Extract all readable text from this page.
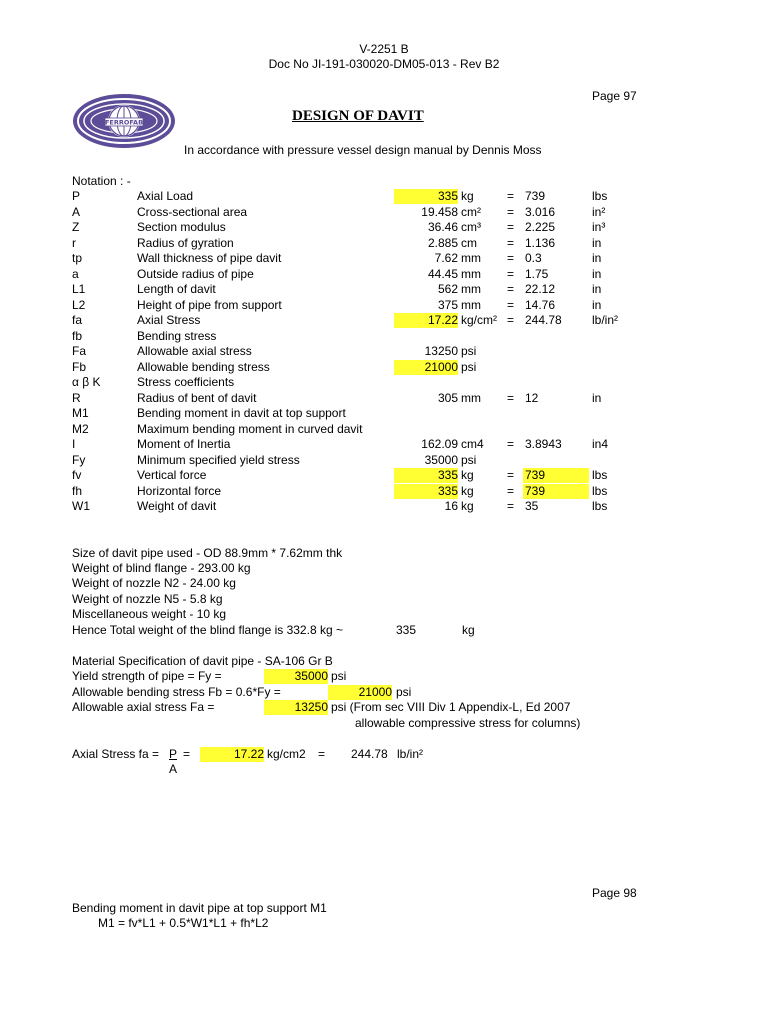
V-2251 B
Doc No JI-191-030020-DM05-013 - Rev B2
Page 97
FERROFAB	DESIGN OF DAVIT
In accordance with pressure vessel design manual by Dennis Moss
Notation : -
P	Axial Load	335 kg	= 739	lbs
A	Cross-sectional area	19.458 cm² = 3.016	in²
Z	Section modulus	36.46 cm³ = 2.225	in³
r	Radius of gyration	2.885 cm	= 1.136	in
tp	Wall thickness of pipe davit	7.62 mm = 0.3	in
a	Outside radius of pipe	44.45 mm = 1.75	in
L1	Length of davit	562 mm = 22.12	in
L2	Height of pipe from support	375 mm = 14.76	in
fa	Axial Stress	17.22 kg/cm² = 244.78	lb/in²
fb	Bending stress
Fa	Allowable axial stress	13250 psi
Fb	Allowable bending stress	21000 psi
α β K	Stress coefficients
R	Radius of bent of davit	305 mm = 12	in
M1	Bending moment in davit at top support
M2	Maximum bending moment in curved davit
I	Moment of Inertia	162.09 cm4 = 3.8943	in4
Fy	Minimum specified yield stress	35000 psi
fv	Vertical force	335 kg	= 739	lbs
fh	Horizontal force	335 kg	= 739	lbs
W1	Weight of davit	16 kg	= 35	lbs
Size of davit pipe used - OD 88.9mm * 7.62mm thk
Weight of blind flange - 293.00 kg
Weight of nozzle N2 - 24.00 kg
Weight of nozzle N5 - 5.8 kg
Miscellaneous weight - 10 kg
Hence Total weight of the blind flange is 332.8 kg ~	335	kg
Material Specification of davit pipe - SA-106 Gr B
Yield strength of pipe = Fy =	35000 psi
Allowable bending stress Fb = 0.6*Fy =	21000 psi
Allowable axial stress Fa =	13250 psi (From sec VIII Div 1 Appendix-L, Ed 2007
allowable compressive stress for columns)
Axial Stress fa = P
A
=	17.22 kg/cm2 = 244.78 lb/in²
Page 98
Bending moment in davit pipe at top support M1
M1 = fv*L1 + 0.5*W1*L1 + fh*L2
